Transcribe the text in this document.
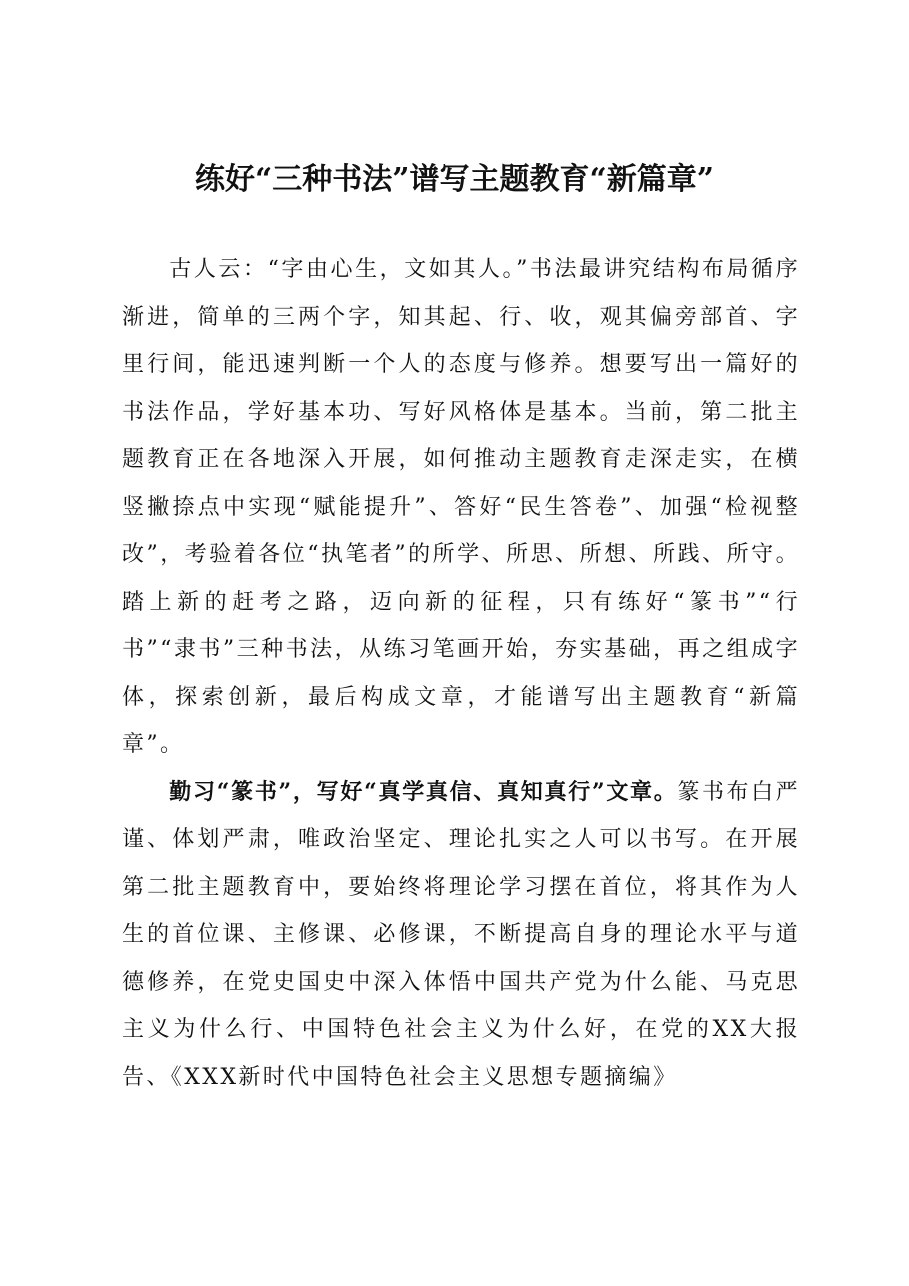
练好“三种书法”谱写主题教育“新篇章”

古人云：“字由心生，文如其人。”书法最讲究结构布局循序渐进，简单的三两个字，知其起、行、收，观其偏旁部首、字里行间，能迅速判断一个人的态度与修养。想要写出一篇好的书法作品，学好基本功、写好风格体是基本。当前，第二批主题教育正在各地深入开展，如何推动主题教育走深走实，在横竖撇捺点中实现“赋能提升”、答好“民生答卷”、加强“检视整改”，考验着各位“执笔者”的所学、所思、所想、所践、所守。踏上新的赶考之路，迈向新的征程，只有练好“篆书”“行书”“隶书”三种书法，从练习笔画开始，夯实基础，再之组成字体，探索创新，最后构成文章，才能谱写出主题教育“新篇章”。

勤习“篆书”，写好“真学真信、真知真行”文章。篆书布白严谨、体划严肃，唯政治坚定、理论扎实之人可以书写。在开展第二批主题教育中，要始终将理论学习摆在首位，将其作为人生的首位课、主修课、必修课，不断提高自身的理论水平与道德修养，在党史国史中深入体悟中国共产党为什么能、马克思主义为什么行、中国特色社会主义为什么好，在党的XX大报告、《XXX新时代中国特色社会主义思想专题摘编》
